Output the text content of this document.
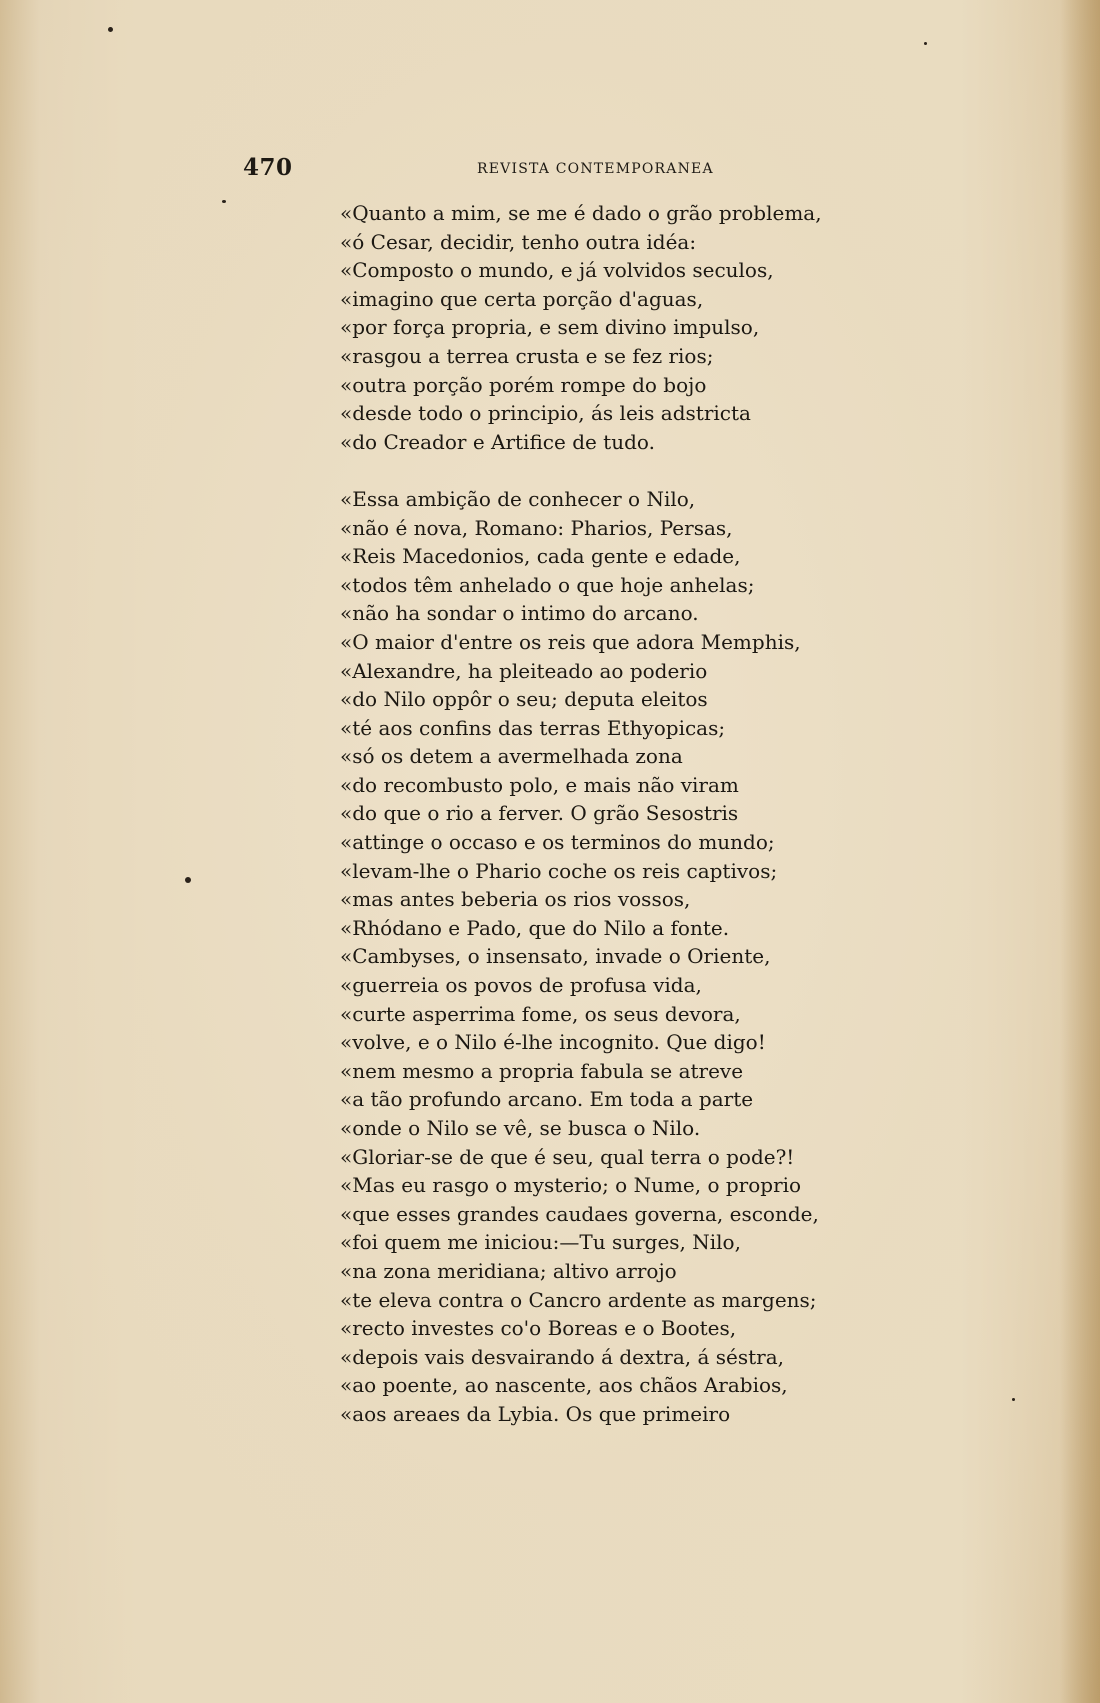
470	REVISTA CONTEMPORANEA
«Quanto a mim, se me é dado o grão problema,
«ó Cesar, decidir, tenho outra idéa:
«Composto o mundo, e já volvidos seculos,
«imagino que certa porção d'aguas,
«por força propria, e sem divino impulso,
«rasgou a terrea crusta e se fez rios;
«outra porção porém rompe do bojo
«desde todo o principio, ás leis adstricta
«do Creador e Artifice de tudo.
«Essa ambição de conhecer o Nilo,
«não é nova, Romano: Pharios, Persas,
«Reis Macedonios, cada gente e edade,
«todos têm anhelado o que hoje anhelas;
«não ha sondar o intimo do arcano.
«O maior d'entre os reis que adora Memphis,
«Alexandre, ha pleiteado ao poderio
«do Nilo oppôr o seu; deputa eleitos
«té aos confins das terras Ethyopicas;
«só os detem a avermelhada zona
«do recombusto polo, e mais não viram
«do que o rio a ferver. O grão Sesostris
«attinge o occaso e os terminos do mundo;
«levam-lhe o Phario coche os reis captivos;
«mas antes beberia os rios vossos,
«Rhódano e Pado, que do Nilo a fonte.
«Cambyses, o insensato, invade o Oriente,
«guerreia os povos de profusa vida,
«curte asperrima fome, os seus devora,
«volve, e o Nilo é-lhe incognito. Que digo!
«nem mesmo a propria fabula se atreve
«a tão profundo arcano. Em toda a parte
«onde o Nilo se vê, se busca o Nilo.
«Gloriar-se de que é seu, qual terra o pode?!
«Mas eu rasgo o mysterio; o Nume, o proprio
«que esses grandes caudaes governa, esconde,
«foi quem me iniciou:—Tu surges, Nilo,
«na zona meridiana; altivo arrojo
«te eleva contra o Cancro ardente as margens;
«recto investes co'o Boreas e o Bootes,
«depois vais desvairando á dextra, á séstra,
«ao poente, ao nascente, aos chãos Arabios,
«aos areaes da Lybia. Os que primeiro
